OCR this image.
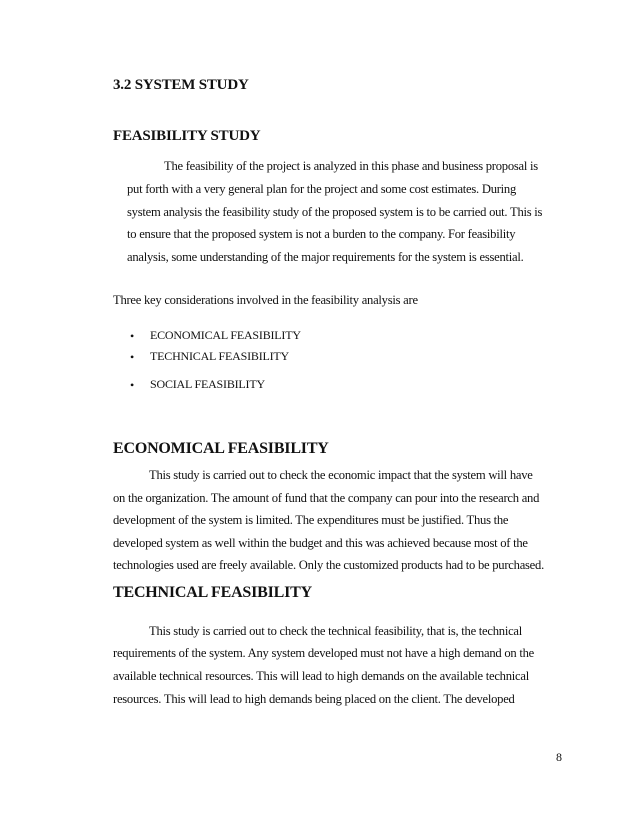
3.2 SYSTEM STUDY
FEASIBILITY STUDY
The feasibility of the project is analyzed in this phase and business proposal is
put forth with a very general plan for the project and some cost estimates. During
system analysis the feasibility study of the proposed system is to be carried out. This is
to ensure that the proposed system is not a burden to the company. For feasibility
analysis, some understanding of the major requirements for the system is essential.
Three key considerations involved in the feasibility analysis are
• ECONOMICAL FEASIBILITY
• TECHNICAL FEASIBILITY
• SOCIAL FEASIBILITY
ECONOMICAL FEASIBILITY
This study is carried out to check the economic impact that the system will have
on the organization. The amount of fund that the company can pour into the research and
development of the system is limited. The expenditures must be justified. Thus the
developed system as well within the budget and this was achieved because most of the
technologies used are freely available. Only the customized products had to be purchased.
TECHNICAL FEASIBILITY
This study is carried out to check the technical feasibility, that is, the technical
requirements of the system. Any system developed must not have a high demand on the
available technical resources. This will lead to high demands on the available technical
resources. This will lead to high demands being placed on the client. The developed
8
